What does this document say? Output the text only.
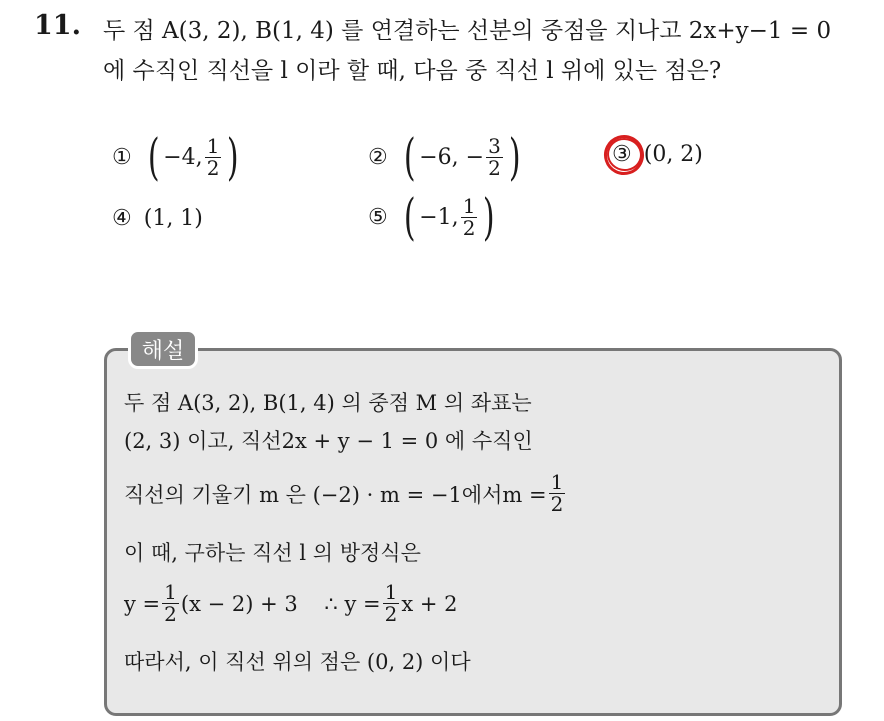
11. 두 점 A(3, 2), B(1, 4) 를 연결하는 선분의 중점을 지나고 2x+y−1 = 0
에 수직인 직선을 l 이라 할 때, 다음 중 직선 l 위에 있는 점은?
① ( −4, $\frac{1}{2}$ )	② ( −6, − $\frac{3}{2}$ )	③ (0, 2)
④ (1, 1)	⑤ ( −1, $\frac{1}{2}$ )
해설
두 점 A(3, 2), B(1, 4) 의 중점 M 의 좌표는
(2, 3) 이고, 직선2x + y − 1 = 0 에 수직인
직선의 기울기 m 은 (−2) · m = −1에서$m = \frac{1}{2}$
이 때, 구하는 직선 l 의 방정식은
$y = \frac{1}{2} (x - 2) + 3$    ∴ $y = \frac{1}{2}$ x + 2
따라서, 이 직선 위의 점은 (0, 2) 이다
